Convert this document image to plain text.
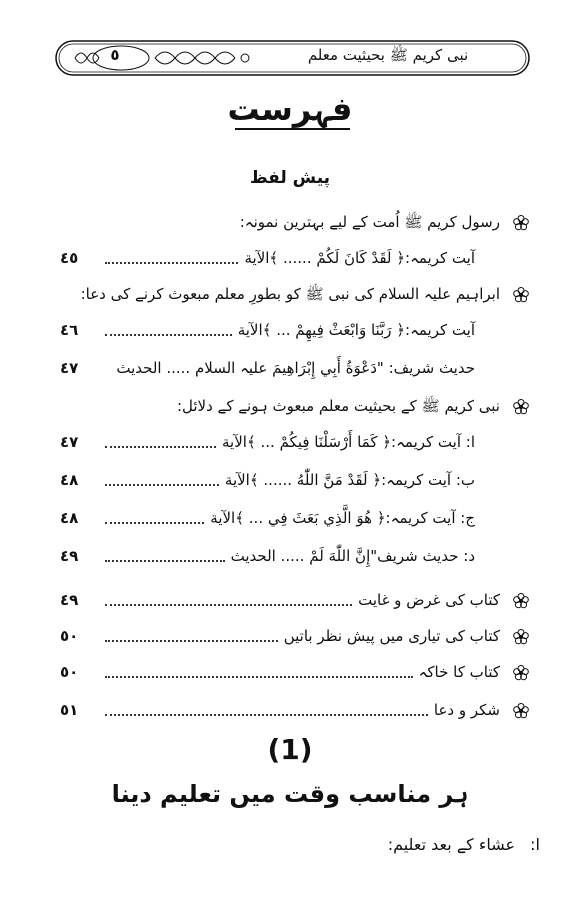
٥	نبی کریم ﷺ بحیثیت معلم
فہرست
پیش لفظ
رسول کریم ﷺ اُمت کے لیے بہترین نمونہ:
آیت کریمہ:﴿ لَقَدْ كَانَ لَكُمْ ...... ﴾الآیة
٤٥
ابراہیم علیہ السلام کی نبی ﷺ کو بطورِ معلم مبعوث کرنے کی دعا:
آیت کریمہ:﴿ رَبَّنَا وَابْعَثْ فِيهِمْ ... ﴾الآیة
٤٦
حدیث شریف: "دَعْوَةُ أَبِي إِبْرَاهِيمَ علیہ السلام ..... الحدیث
٤٧
نبی کریم ﷺ کے بحیثیت معلم مبعوث ہونے کے دلائل:
ا: آیت کریمہ:﴿ كَمَا أَرْسَلْنَا فِيكُمْ ... ﴾الآیة
٤٧
ب: آیت کریمہ:﴿ لَقَدْ مَنَّ اللّٰهُ ...... ﴾الآیة
٤٨
ج: آیت کریمہ:﴿ هُوَ الَّذِي بَعَثَ فِي ... ﴾الآیة
٤٨
د: حدیث شریف"إِنَّ اللّٰهَ لَمْ ..... الحدیث
٤٩
کتاب کی غرض و غایت
٤٩
کتاب کی تیاری میں پیش نظر باتیں
٥٠
کتاب کا خاکہ
٥٠
شکر و دعا
٥١
(1)
ہر مناسب وقت میں تعلیم دینا
ا: عشاء کے بعد تعلیم:
